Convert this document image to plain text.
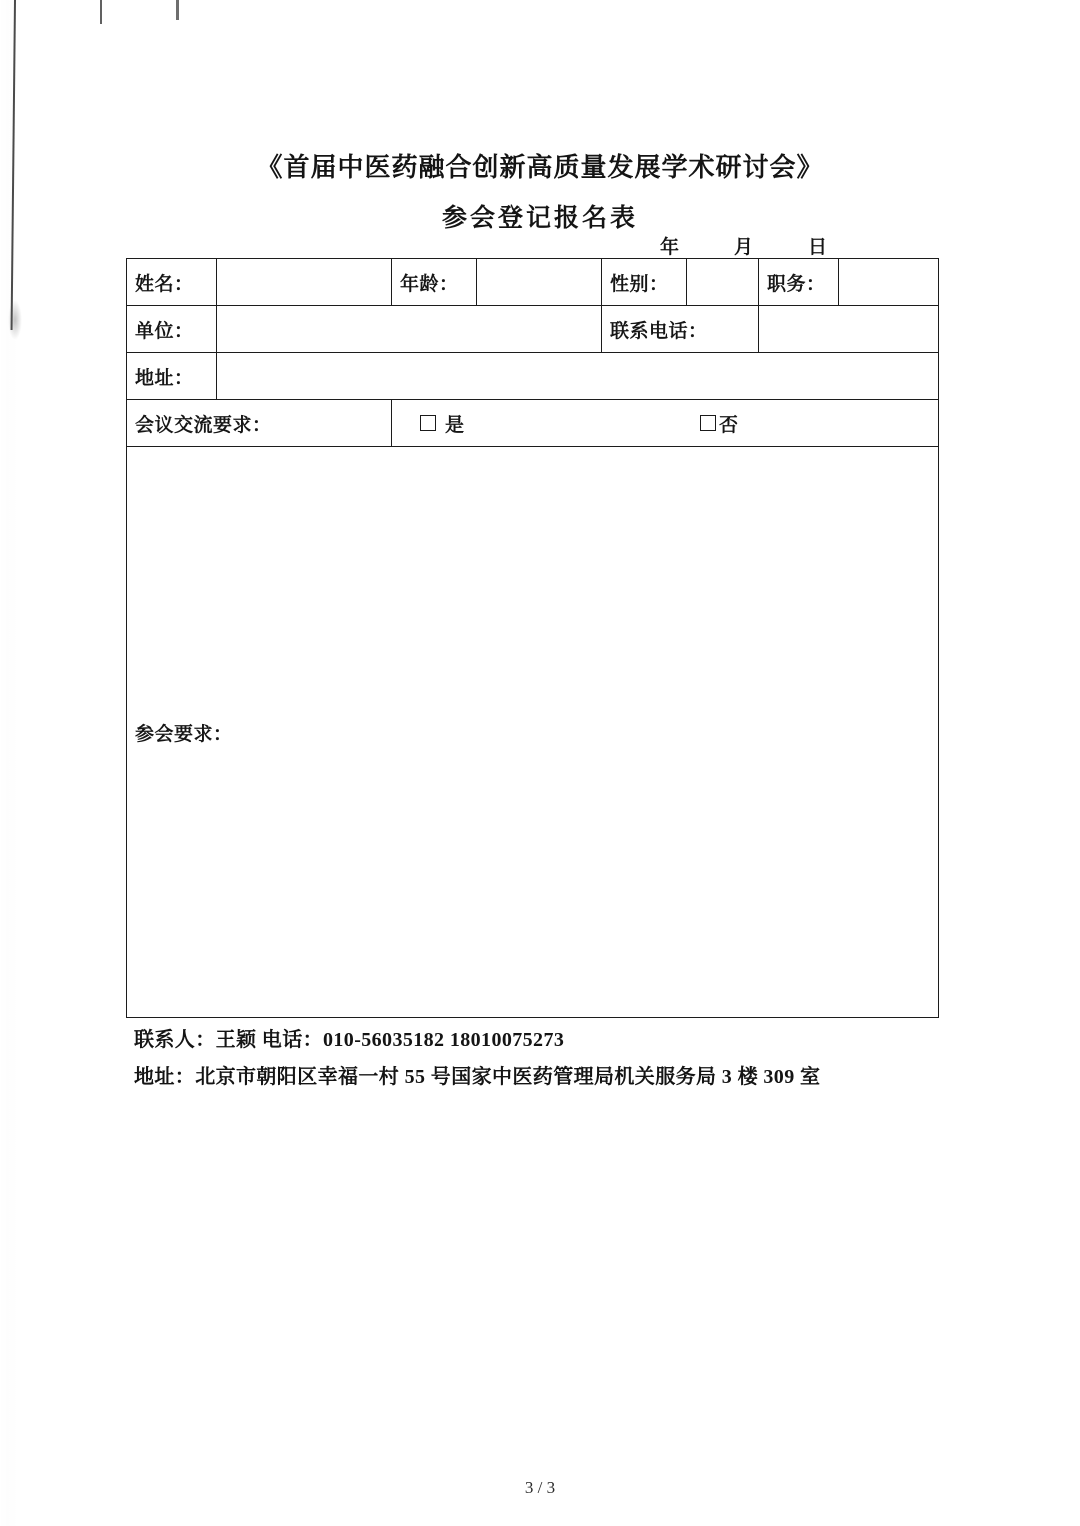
《首届中医药融合创新高质量发展学术研讨会》

参会登记报名表

年	月	日
姓名：		年龄：		性别：		职务：	
单位：				联系电话：			
地址：							
会议交流要求：		是 否					

参会要求：							
联系人：王颖 电话：010-56035182 18010075273
地址：北京市朝阳区幸福一村 55 号国家中医药管理局机关服务局 3 楼 309 室
3 / 3
